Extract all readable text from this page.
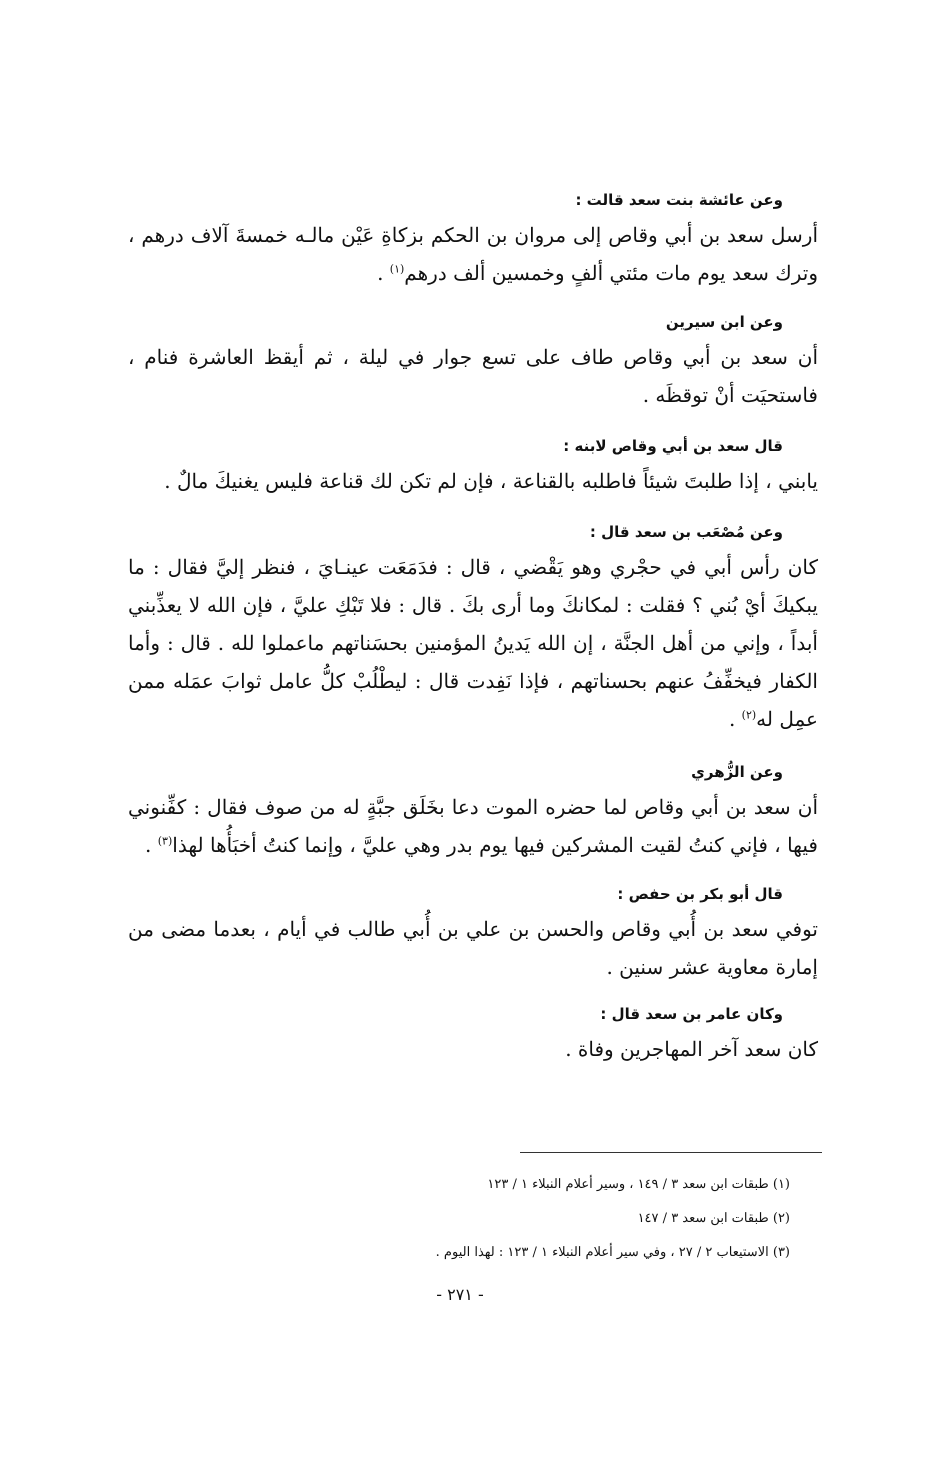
وعن عائشة بنت سعد قالت :

أرسل سعد بن أبي وقاص إلى مروان بن الحكم بزكاةِ عَيْن مالـه خمسةَ آلاف درهم ، وترك سعد يوم مات مئتي ألفٍ وخمسين ألف درهم$^{(١)}$ .

وعن ابن سيرين

أن سعد بن أبي وقاص طاف على تسع جوار في ليلة ، ثم أيقظ العاشرة فنام ، فاستحيَت أنْ توقظَه .

قال سعد بن أبي وقاص لابنه :

يابني ، إذا طلبتَ شيئاً فاطلبه بالقناعة ، فإن لم تكن لك قناعة فليس يغنيكَ مالٌ .

وعن مُصْعَب بن سعد قال :

كان رأس أبي في حجْري وهو يَقْضي ، قال : فدَمَعَت عينـايَ ، فنظر إليَّ فقال : ما يبكيكَ أيْ بُني ؟ فقلت : لمكانكَ وما أرى بكَ . قال : فلا تَبْكِ عليَّ ، فإن الله لا يعذِّبني أبداً ، وإني من أهل الجنَّة ، إن الله يَدينُ المؤمنين بحسَناتهم ماعملوا لله . قال : وأما الكفار فيخفِّفُ عنهم بحسناتهم ، فإذا نَفِدت قال : ليطْلُبْ كلُّ عامل ثوابَ عمَله ممن عمِل له$^{(٢)}$ .

وعن الزُّهري

أن سعد بن أبي وقاص لما حضره الموت دعا بخَلَق جبَّةٍ له من صوف فقال : كفِّنوني فيها ، فإني كنتُ لقيت المشركين فيها يوم بدر وهي عليَّ ، وإنما كنتُ أخبَأُها لهذا$^{(٣)}$ .

قال أبو بكر بن حفص :

توفي سعد بن أُبي وقاص والحسن بن علي بن أُبي طالب في أيام ، بعدما مضى من إمارة معاوية عشر سنين .

وكان عامر بن سعد قال :

كان سعد آخر المهاجرين وفاة .

(١) طبقات ابن سعد ٣ / ١٤٩ ، وسير أعلام النبلاء ١ / ١٢٣
(٢) طبقات ابن سعد ٣ / ١٤٧
(٣) الاستيعاب ٢ / ٢٧ ، وفي سير أعلام النبلاء ١ / ١٢٣ : لهذا اليوم .
- ٢٧١ -
